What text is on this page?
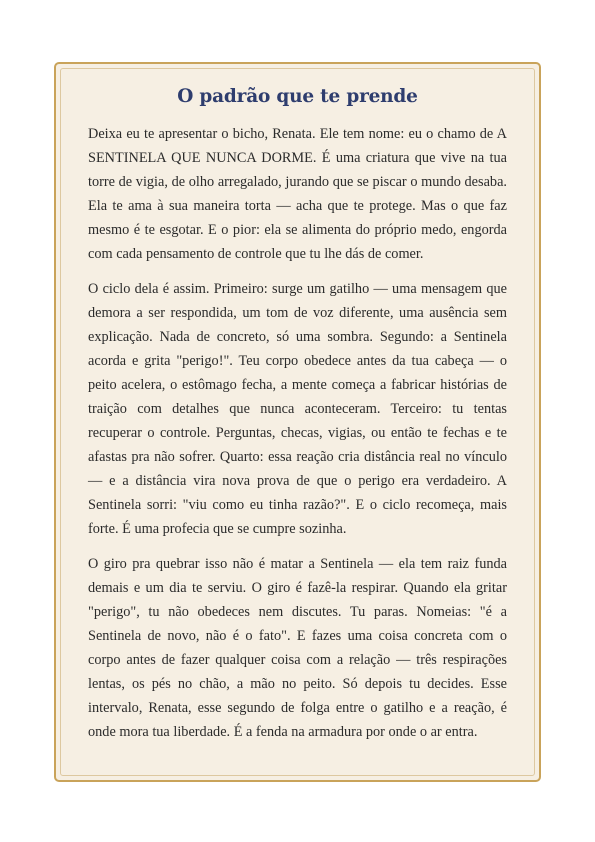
O padrão que te prende

Deixa eu te apresentar o bicho, Renata. Ele tem nome: eu o chamo de A SENTINELA QUE NUNCA DORME. É uma criatura que vive na tua torre de vigia, de olho arregalado, jurando que se piscar o mundo desaba. Ela te ama à sua maneira torta — acha que te protege. Mas o que faz mesmo é te esgotar. E o pior: ela se alimenta do próprio medo, engorda com cada pensamento de controle que tu lhe dás de comer.

O ciclo dela é assim. Primeiro: surge um gatilho — uma mensagem que demora a ser respondida, um tom de voz diferente, uma ausência sem explicação. Nada de concreto, só uma sombra. Segundo: a Sentinela acorda e grita "perigo!". Teu corpo obedece antes da tua cabeça — o peito acelera, o estômago fecha, a mente começa a fabricar histórias de traição com detalhes que nunca aconteceram. Terceiro: tu tentas recuperar o controle. Perguntas, checas, vigias, ou então te fechas e te afastas pra não sofrer. Quarto: essa reação cria distância real no vínculo — e a distância vira nova prova de que o perigo era verdadeiro. A Sentinela sorri: "viu como eu tinha razão?". E o ciclo recomeça, mais forte. É uma profecia que se cumpre sozinha.

O giro pra quebrar isso não é matar a Sentinela — ela tem raiz funda demais e um dia te serviu. O giro é fazê-la respirar. Quando ela gritar "perigo", tu não obedeces nem discutes. Tu paras. Nomeias: "é a Sentinela de novo, não é o fato". E fazes uma coisa concreta com o corpo antes de fazer qualquer coisa com a relação — três respirações lentas, os pés no chão, a mão no peito. Só depois tu decides. Esse intervalo, Renata, esse segundo de folga entre o gatilho e a reação, é onde mora tua liberdade. É a fenda na armadura por onde o ar entra.
